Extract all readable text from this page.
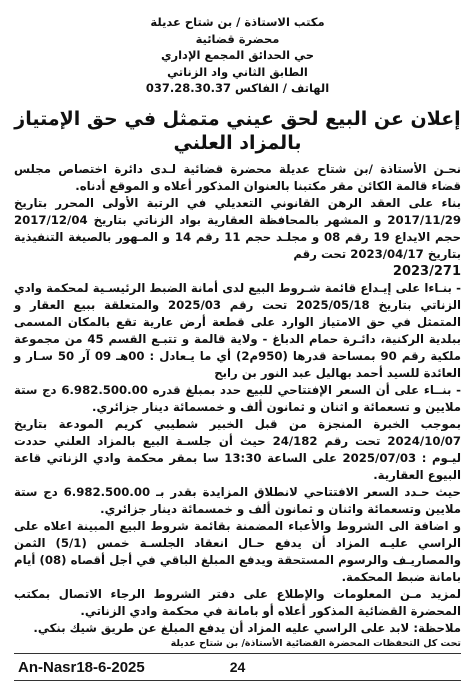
مكتب الاستاذة / بن شتاح عديلة
محضرة قضائية
حي الحدائق المجمع الإداري
الطابق الثاني واد الزناتي
الهاتف / الفاكس 037.28.30.37
إعلان عن البيع لحق عيني متمثل في حق الإمتياز بالمزاد العلني

نحـن الأستاذة /بن شتاح عديلة محضرة قضائية لـدى دائرة اختصاص مجلس قضاء قالمة الكائن مقر مكتبنا بالعنوان المذكور أعلاه و الموقع أدناه.

بناء على العقد الرهن القانوني التعديلي في الرتبة الأولى المحرر بتاريخ 2017/11/29 و المشهر بالمحافظة العقارية بواد الزناتي بتاريخ 2017/12/04 حجم الايداع 19 رقم 08 و مجلـد حجم 11 رقم 14 و المـهور بالصيغة التنفيذية بتاريخ 2023/04/17 تحت رقم
2023/271

- بنـاءا على إيـداع قائمة شـروط البيع لدى أمانة الضبط الرئيسـية لمحكمة وادي الزناتي بتاريخ 2025/05/18 تحت رقم 2025/03 والمتعلقة ببيع العقار و المتمثل في حق الامتياز الوارد على قطعة أرض عارية تقع بالمكان المسمى ببلدية الركنية، دائـرة حمام الدباغ - ولاية قالمة و تتبـع القسم 45 من مجموعة ملكية رقم 90 بمساحة قدرها (950م2) أي ما يـعادل : 00هـ 09 آر 50 سـار و العائدة للسيد أحمد بهاليل عبد النور بن رابح

- بنــاء على أن السعر الإفتتاحي للبيع حدد بمبلغ قدره 6.982.500.00 دج ستة ملايين و تسعمائة و اثنان و ثمانون ألف و خمسمائة دينار جزائري.

بموجب الخبرة المنجزة من قبل الخبير شطيبي كريم المودعة بتاريخ 2024/10/07 تحت رقم 24/182 حيث أن جلسـة البيع بالمزاد العلني حددت ليـوم : 2025/07/03 على الساعة 13:30 سا بمقر محكمة وادي الزناتي قاعة البيوع العقارية.

حيث حـدد السعر الافتتاحي لانطلاق المزايدة بقدر بـ 6.982.500.00 دج ستة ملايين وتسعمائة واثنان و ثمانون ألف و خمسمائة دينار جزائري.

و اضافة الى الشروط والأعباء المضمنة بقائمة شروط البيع المبينة اعلاه على الراسي عليـه المزاد أن يدفع حـال انعقاد الجلسـة خمس (5/1) الثمن والمصاريـف والرسوم المستحقة ويدفع المبلغ الباقي في أجل أقصاه (08) أيام بامانة ضبط المحكمة.

لمزيد مـن المعلومات والإطلاع على دفتر الشروط الرجاء الاتصال بمكتب المحضرة القضائية المذكور أعلاه أو بامانة في محكمة وادي الزناتي.

ملاحظة: لابد على الراسي عليه المزاد أن يدفع المبلغ عن طريق شيك بنكي.

تحت كل التحفظات المحضرة القضائية الأستاذة/ بن شتاح عديلة

An-Nasr18-6-2025	24
